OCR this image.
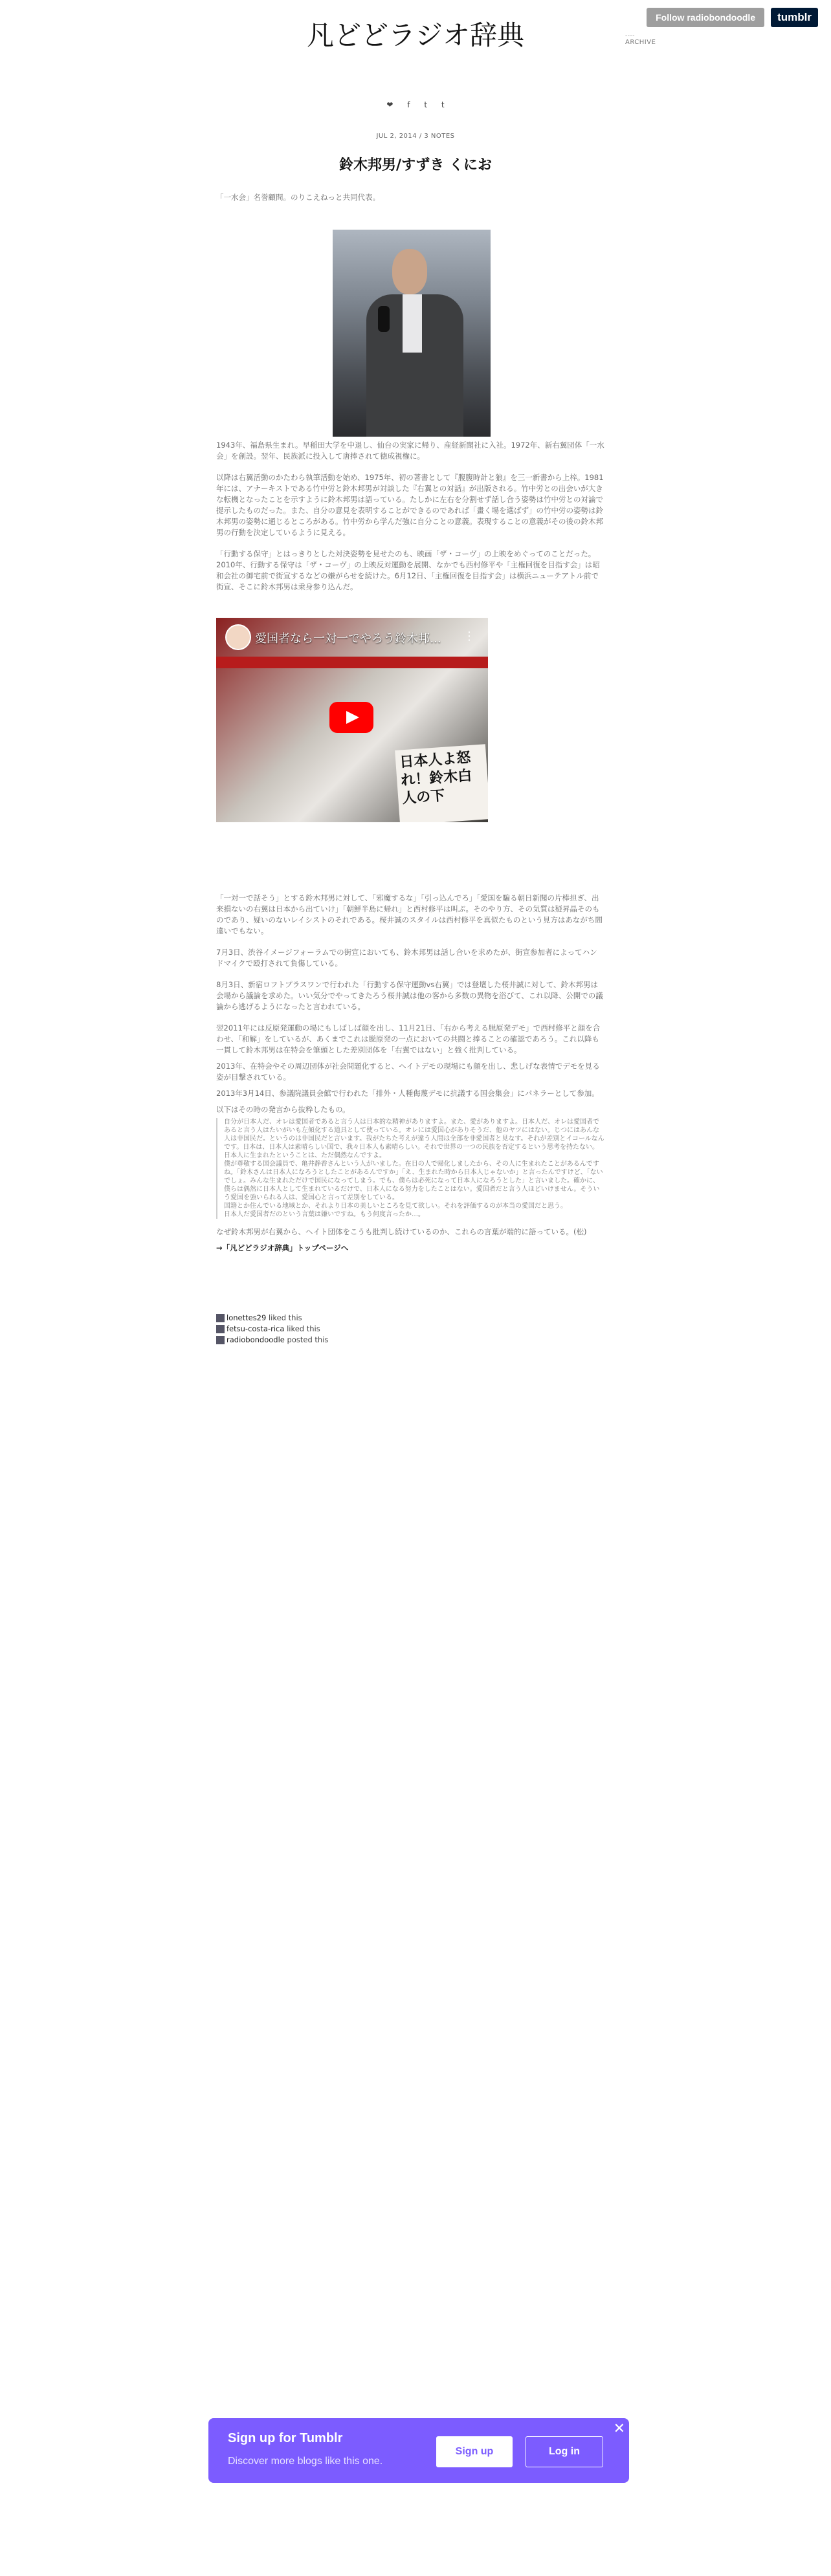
凡どどラジオ辞典
Follow radiobondoodle	tumblr
----
ARCHIVE
❤ f t t
JUL 2, 2014 / 3 NOTES
鈴木邦男/すずき くにお

「一水会」名誉顧問。のりこえねっと共同代表。

1943年、福島県生まれ。早稲田大学を中退し、仙台の実家に帰り、産経新聞社に入社。1972年、新右翼団体「一水会」を創設。翌年、民族派に投入して唐捧されて徳成視権に。

以降は右翼活動のかたわら執筆活動を始め、1975年、初の著書として『腹腹時計と狼』を三一新書から上梓。1981年には、アナーキストである竹中労と鈴木邦男が対談した『右翼との対話』が出版される。竹中労との出会いが大きな転機となったことを示すように鈴木邦男は語っている。たしかに左右を分割せず話し合う姿勢は竹中労との対論で提示したものだった。また、自分の意見を表明することができるのであれば「畫く場を選ばず」の竹中労の姿勢は鈴木邦男の姿勢に通じるところがある。竹中労から学んだ強に自分ことの意義。表現することの意義がその後の鈴木邦男の行動を決定しているように見える。

「行動する保守」とはっきりとした対決姿勢を見せたのも、映画「ザ・コーヴ」の上映をめぐってのことだった。2010年、行動する保守は「ザ・コーヴ」の上映反対運動を展開、なかでも西村修平や「主権回復を目指す会」は昭和会社の御宅前で街宣するなどの嫌がらせを続けた。6月12日、「主権回復を目指す会」は横浜ニューテアトル前で街宣、そこに鈴木邦男は乗身参り込んだ。

愛国者なら一対一でやろう鈴木邦… ⋮
日本人よ怒れ！鈴木白人の下

「一対一で話そう」とする鈴木邦男に対して、「邪魔するな」「引っ込んでろ」「愛国を騙る朝日新聞の片棒担ぎ、出来損ないの右翼は日本から出ていけ」「朝鮮半島に帰れ」と西村修平は叫ぶ。そのやり方、その気質は疑昇晶そのものであり、疑いのないレイシストのそれである。桜井誠のスタイルは西村修平を真似たものという見方はあながち間違いでもない。

7月3日、渋谷イメージフォーラムでの街宣においても、鈴木邦男は話し合いを求めたが、街宣参加者によってハンドマイクで殴打されて負傷している。

8月3日、新宿ロフトプラスワンで行われた「行動する保守運動vs右翼」では登壇した桜井誠に対して、鈴木邦男は会場から議論を求めた。いい気分でやってきたろう桜井誠は他の客から多数の異物を浴びて、これ以降、公開での議論から逃げるようになったと言われている。

翌2011年には反原発運動の場にもしばしば顔を出し、11月21日、「右から考える脱原発デモ」で西村修平と顔を合わせ、「和解」をしているが、あくまでこれは脱原発の一点においての共闘と捧ることの確認であろう。これ以降も一貫して鈴木邦男は在特会を筆頭とした差別団体を「右翼ではない」と強く批判している。

2013年、在特会やその周辺団体が社会問題化すると、ヘイトデモの現場にも顔を出し、悲しげな表情でデモを見る姿が目撃されている。

2013年3月14日、参議院議員会館で行われた「排外・人種侮蔑デモに抗議する国会集会」にパネラーとして参加。

以下はその時の発言から抜粋したもの。

自分が日本人だ、オレは愛国者であると言う人は日本的な精神がありますよ。また、愛がありますよ。日本人だ、オレは愛国者であると言う人はたいがいも左傾化する道具として使っている。オレには愛国心がありそうだ、他のヤツにはない。じつにはあんな人は非国民だ。というのは非国民だと言います。我がたちた考えが違う人間は全部を非愛国者と見なす。それが差別とイコールなんです。日本は、日本人は素晴らしい国で、我々日本人も素晴らしい。それで世界の一つの民族を否定するという思考を持たない。日本人に生まれたということは、ただ偶然なんですよ。
僕が尊敬する国会議員で、亀井静香さんという人がいました。在日の人で帰化しましたから、その人に生まれたことがあるんですね。「鈴木さんは日本人になろうとしたことがあるんですか」「え、生まれた時から日本人じゃないか」と言ったんですけど、「ないでしょ。みんな生まれただけで国民になってしまう。でも、僕らは必死になって日本人になろうとした」と言いました。確かに、僕らは偶然に日本人として生まれているだけで、日本人になる努力をしたことはない。愛国者だと言う人ほどいけません。そういう愛国を強いられる人は、愛国心と言って差別をしている。
国籍とか住んでいる地域とか、それより日本の美しいところを見て欲しい。それを評価するのが本当の愛国だと思う。
日本人だ愛国者だのという言葉は嫌いですね。もう何度言ったか…。

なぜ鈴木邦男が右翼から、ヘイト団体をこうも批判し続けているのか、これらの言葉が端的に語っている。(松)

→「凡どどラジオ辞典」トップページへ

lonettes29
liked this
fetsu-costa-rica
liked this
radiobondoodle
posted this
Sign up for Tumblr
Discover more blogs like this one.
Sign up	Log in
✕
